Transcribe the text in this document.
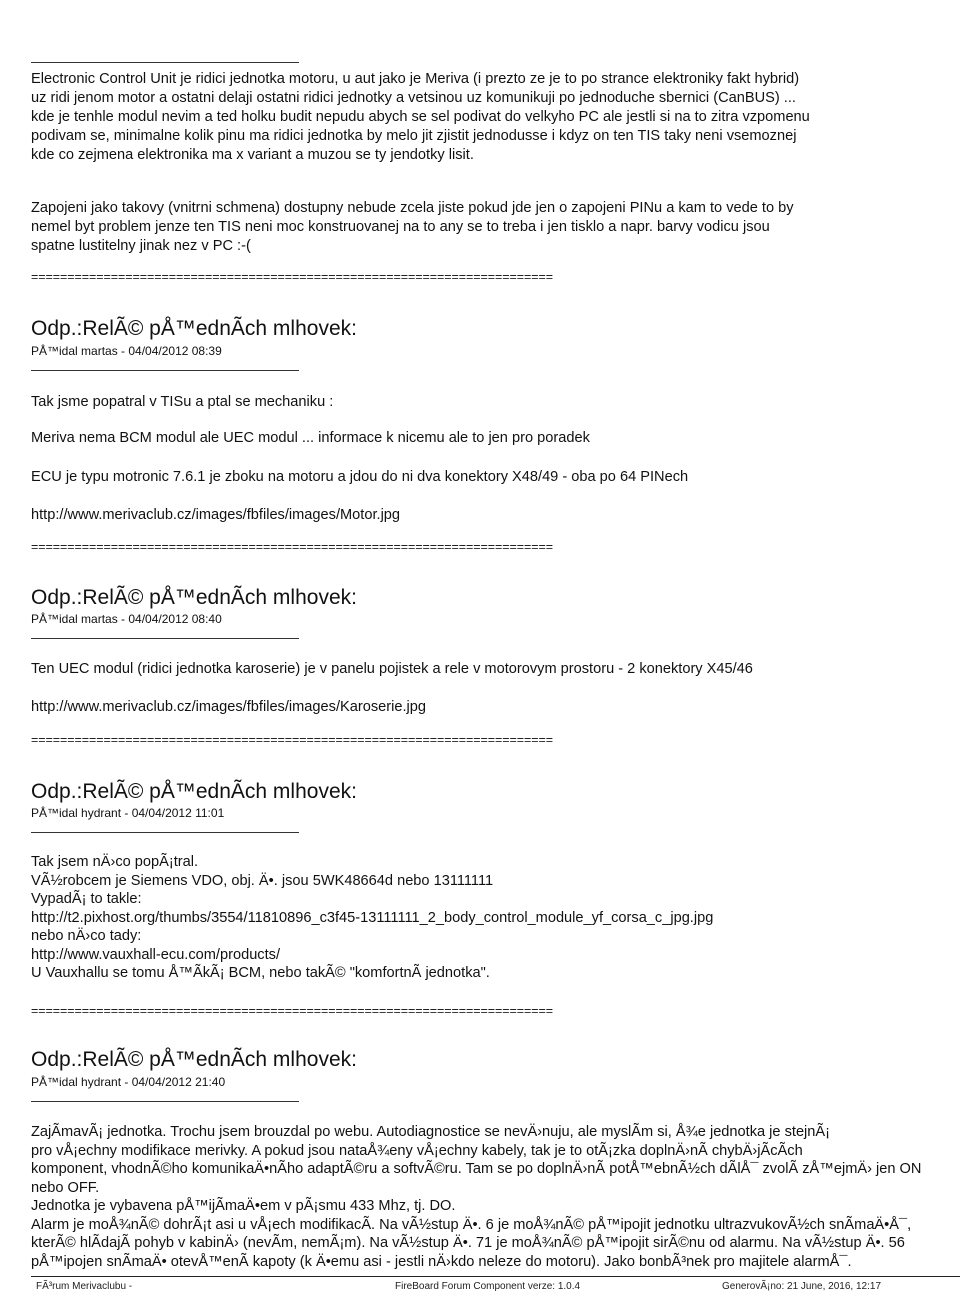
Electronic Control Unit je ridici jednotka motoru, u aut jako je Meriva (i prezto ze je to po strance elektroniky fakt hybrid)
uz ridi jenom motor a ostatni delaji ostatni ridici jednotky a vetsinou uz komunikuji po jednoduche sbernici (CanBUS) ...
kde je tenhle modul nevim a ted holku budit nepudu abych se sel podivat do velkyho PC ale jestli si na to zitra vzpomenu
podivam se, minimalne kolik pinu ma ridici jednotka by melo jit zjistit jednodusse i kdyz on ten TIS taky neni vsemoznej
kde co zejmena elektronika ma x variant a muzou se ty jendotky lisit.
Zapojeni jako takovy (vnitrni schmena) dostupny nebude zcela jiste pokud jde jen o zapojeni PINu a kam to vede to by
nemel byt problem jenze ten TIS neni moc konstruovanej na to any se to treba i jen tisklo a napr. barvy vodicu jsou
spatne lustitelny jinak nez v PC :-(
========================================================================
Odp.:RelÃ© pÅ™ednÃch mlhovek:
PÅ™idal martas - 04/04/2012 08:39
Tak jsme popatral v TISu a ptal se mechaniku :
Meriva nema BCM modul ale UEC modul ... informace k nicemu ale to jen pro poradek
ECU je typu motronic 7.6.1 je zboku na motoru a jdou do ni dva konektory X48/49 - oba po 64 PINech
http://www.merivaclub.cz/images/fbfiles/images/Motor.jpg
========================================================================
Odp.:RelÃ© pÅ™ednÃch mlhovek:
PÅ™idal martas - 04/04/2012 08:40
Ten UEC modul (ridici jednotka karoserie) je v panelu pojistek a rele v motorovym prostoru - 2 konektory X45/46
http://www.merivaclub.cz/images/fbfiles/images/Karoserie.jpg
========================================================================
Odp.:RelÃ© pÅ™ednÃch mlhovek:
PÅ™idal hydrant - 04/04/2012 11:01
Tak jsem nÄ›co popÃ¡tral.
VÃ½robcem je Siemens VDO, obj. Ä•. jsou 5WK48664d nebo 13111111
VypadÃ¡ to takle:
http://t2.pixhost.org/thumbs/3554/11810896_c3f45-13111111_2_body_control_module_yf_corsa_c_jpg.jpg
nebo nÄ›co tady:
http://www.vauxhall-ecu.com/products/
U Vauxhallu se tomu Å™ÃkÃ¡ BCM, nebo takÃ© "komfortnÃ jednotka".
========================================================================
Odp.:RelÃ© pÅ™ednÃch mlhovek:
PÅ™idal hydrant - 04/04/2012 21:40
ZajÃmavÃ¡ jednotka. Trochu jsem brouzdal po webu. Autodiagnostice se nevÄ›nuju, ale myslÃm si, Å¾e jednotka je stejnÃ¡
pro vÅ¡echny modifikace merivky. A pokud jsou nataÅ¾eny vÅ¡echny kabely, tak je to otÃ¡zka doplnÄ›nÃ chybÄ›jÃcÃch
komponent, vhodnÃ©ho komunikaÄ•nÃho adaptÃ©ru a softvÃ©ru. Tam se po doplnÄ›nÃ potÅ™ebnÃ½ch dÃlÅ¯ zvolÃ zÅ™ejmÄ› jen ON
nebo OFF.
Jednotka je vybavena pÅ™ijÃmaÄ•em v pÃ¡smu 433 Mhz, tj. DO.
Alarm je moÅ¾nÃ© dohrÃ¡t asi u vÅ¡ech modifikacÃ. Na vÃ½stup Ä•. 6 je moÅ¾nÃ© pÅ™ipojit jednotku ultrazvukovÃ½ch snÃmaÄ•Å¯,
kterÃ© hlÃdajÃ pohyb v kabinÄ› (nevÃm, nemÃ¡m). Na vÃ½stup Ä•. 71 je moÅ¾nÃ© pÅ™ipojit sirÃ©nu od alarmu. Na vÃ½stup Ä•. 56
pÅ™ipojen snÃmaÄ• otevÅ™enÃ kapoty (k Ä•emu asi - jestli nÄ›kdo neleze do motoru). Jako bonbÃ³nek pro majitele alarmÅ¯.
FÃ³rum Merivaclubu -	FireBoard Forum Component verze: 1.0.4	GenerovÃ¡no: 21 June, 2016, 12:17
